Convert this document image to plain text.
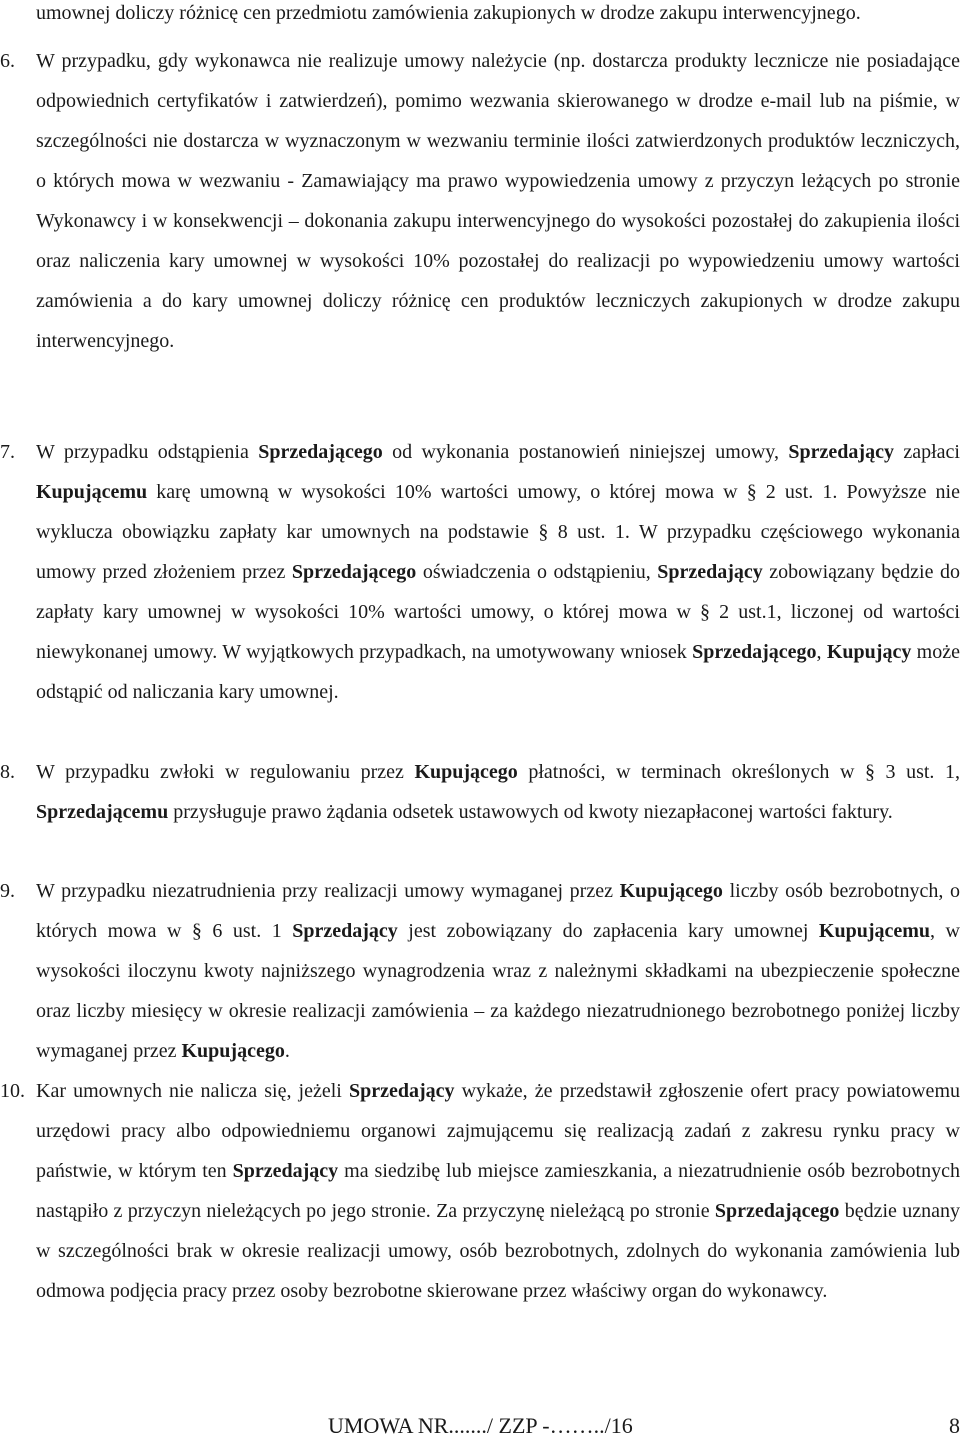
umownej doliczy różnicę cen przedmiotu zamówienia zakupionych w drodze zakupu interwencyjnego.
6.	W przypadku, gdy wykonawca nie realizuje umowy należycie (np. dostarcza produkty lecznicze nie posiadające odpowiednich certyfikatów i zatwierdzeń), pomimo wezwania skierowanego w drodze e-mail lub na piśmie, w szczególności nie dostarcza w wyznaczonym w wezwaniu terminie ilości zatwierdzonych produktów leczniczych, o których mowa w wezwaniu - Zamawiający ma prawo wypowiedzenia umowy z przyczyn leżących po stronie Wykonawcy i w konsekwencji – dokonania zakupu interwencyjnego do wysokości pozostałej do zakupienia ilości oraz naliczenia kary umownej w wysokości 10% pozostałej do realizacji po wypowiedzeniu umowy wartości zamówienia a do kary umownej doliczy różnicę cen produktów leczniczych zakupionych w drodze zakupu interwencyjnego.
7.	W przypadku odstąpienia Sprzedającego od wykonania postanowień niniejszej umowy, Sprzedający zapłaci Kupującemu karę umowną w wysokości 10% wartości umowy, o której mowa w § 2 ust. 1. Powyższe nie wyklucza obowiązku zapłaty kar umownych na podstawie § 8 ust. 1. W przypadku częściowego wykonania umowy przed złożeniem przez Sprzedającego oświadczenia o odstąpieniu, Sprzedający zobowiązany będzie do zapłaty kary umownej w wysokości 10% wartości umowy, o której mowa w § 2 ust.1, liczonej od wartości niewykonanej umowy. W wyjątkowych przypadkach, na umotywowany wniosek Sprzedającego, Kupujący może odstąpić od naliczania kary umownej.
8.	W przypadku zwłoki w regulowaniu przez Kupującego płatności, w terminach określonych w § 3 ust. 1, Sprzedającemu przysługuje prawo żądania odsetek ustawowych od kwoty niezapłaconej wartości faktury.
9.	W przypadku niezatrudnienia przy realizacji umowy wymaganej przez Kupującego liczby osób bezrobotnych, o których mowa w § 6 ust. 1 Sprzedający jest zobowiązany do zapłacenia kary umownej Kupującemu, w wysokości iloczynu kwoty najniższego wynagrodzenia wraz z należnymi składkami na ubezpieczenie społeczne oraz liczby miesięcy w okresie realizacji zamówienia – za każdego niezatrudnionego bezrobotnego poniżej liczby wymaganej przez Kupującego.
10. Kar umownych nie nalicza się, jeżeli Sprzedający wykaże, że przedstawił zgłoszenie ofert pracy powiatowemu urzędowi pracy albo odpowiedniemu organowi zajmującemu się realizacją zadań z zakresu rynku pracy w państwie, w którym ten Sprzedający ma siedzibę lub miejsce zamieszkania, a niezatrudnienie osób bezrobotnych nastąpiło z przyczyn nieleżących po jego stronie. Za przyczynę nieleżącą po stronie Sprzedającego będzie uznany w szczególności brak w okresie realizacji umowy, osób bezrobotnych, zdolnych do wykonania zamówienia lub odmowa podjęcia pracy przez osoby bezrobotne skierowane przez właściwy organ do wykonawcy.
UMOWA NR......./ ZZP -……../16	8
